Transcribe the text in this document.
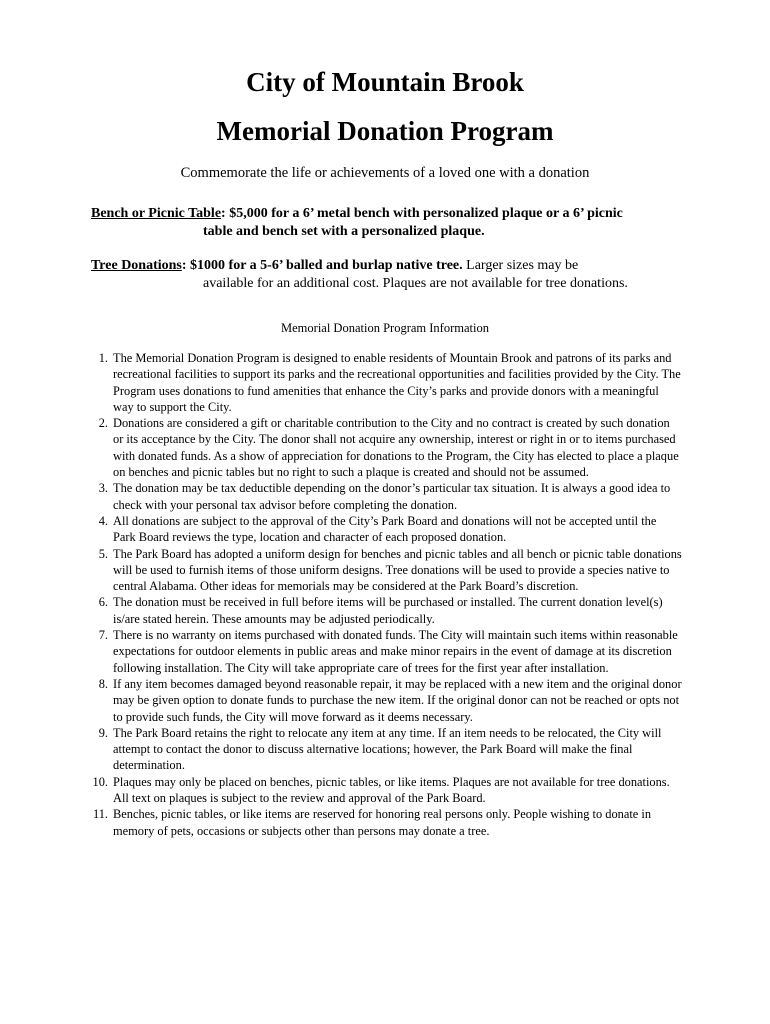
City of Mountain Brook
Memorial Donation Program

Commemorate the life or achievements of a loved one with a donation

Bench or Picnic Table: $5,000 for a 6’ metal bench with personalized plaque or a 6’ picnic
table and bench set with a personalized plaque.
Tree Donations: $1000 for a 5-6’ balled and burlap native tree. Larger sizes may be
available for an additional cost. Plaques are not available for tree donations.

Memorial Donation Program Information

1. The Memorial Donation Program is designed to enable residents of Mountain Brook and patrons of its parks and recreational facilities to support its parks and the recreational opportunities and facilities provided by the City. The Program uses donations to fund amenities that enhance the City’s parks and provide donors with a meaningful way to support the City.
2. Donations are considered a gift or charitable contribution to the City and no contract is created by such donation or its acceptance by the City. The donor shall not acquire any ownership, interest or right in or to items purchased with donated funds. As a show of appreciation for donations to the Program, the City has elected to place a plaque on benches and picnic tables but no right to such a plaque is created and should not be assumed.
3. The donation may be tax deductible depending on the donor’s particular tax situation. It is always a good idea to check with your personal tax advisor before completing the donation.
4. All donations are subject to the approval of the City’s Park Board and donations will not be accepted until the Park Board reviews the type, location and character of each proposed donation.
5. The Park Board has adopted a uniform design for benches and picnic tables and all bench or picnic table donations will be used to furnish items of those uniform designs. Tree donations will be used to provide a species native to central Alabama. Other ideas for memorials may be considered at the Park Board’s discretion.
6. The donation must be received in full before items will be purchased or installed. The current donation level(s) is/are stated herein. These amounts may be adjusted periodically.
7. There is no warranty on items purchased with donated funds. The City will maintain such items within reasonable expectations for outdoor elements in public areas and make minor repairs in the event of damage at its discretion following installation. The City will take appropriate care of trees for the first year after installation.
8. If any item becomes damaged beyond reasonable repair, it may be replaced with a new item and the original donor may be given option to donate funds to purchase the new item. If the original donor can not be reached or opts not to provide such funds, the City will move forward as it deems necessary.
9. The Park Board retains the right to relocate any item at any time. If an item needs to be relocated, the City will attempt to contact the donor to discuss alternative locations; however, the Park Board will make the final determination.
10. Plaques may only be placed on benches, picnic tables, or like items. Plaques are not available for tree donations. All text on plaques is subject to the review and approval of the Park Board.
11. Benches, picnic tables, or like items are reserved for honoring real persons only. People wishing to donate in memory of pets, occasions or subjects other than persons may donate a tree.
